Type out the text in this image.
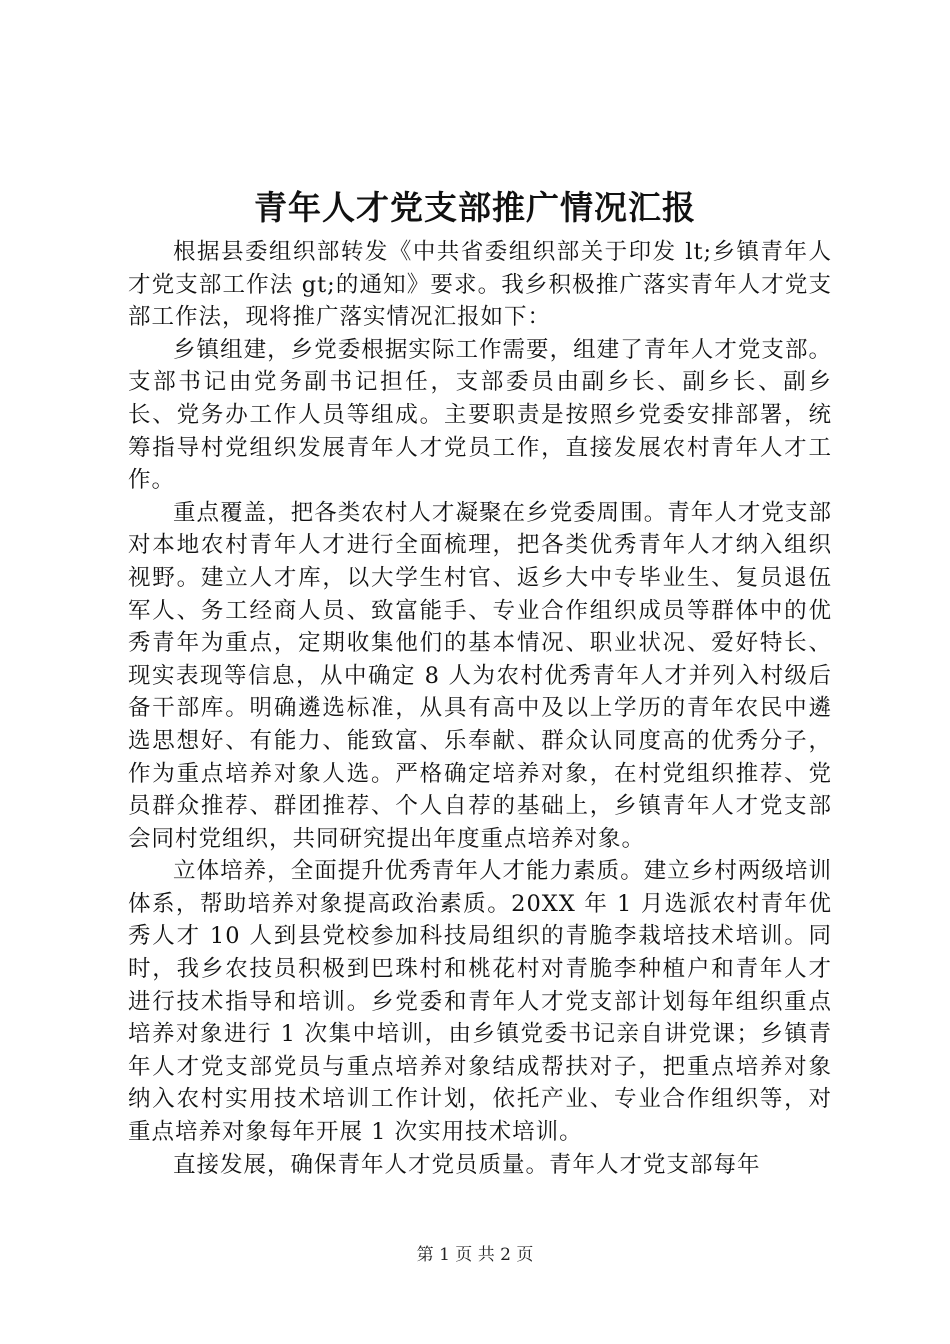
青年人才党支部推广情况汇报

根据县委组织部转发《中共省委组织部关于印发 lt;乡镇青年人才党支部工作法 gt;的通知》要求。我乡积极推广落实青年人才党支部工作法，现将推广落实情况汇报如下：

乡镇组建，乡党委根据实际工作需要，组建了青年人才党支部。支部书记由党务副书记担任，支部委员由副乡长、副乡长、副乡长、党务办工作人员等组成。主要职责是按照乡党委安排部署，统筹指导村党组织发展青年人才党员工作，直接发展农村青年人才工作。

重点覆盖，把各类农村人才凝聚在乡党委周围。青年人才党支部对本地农村青年人才进行全面梳理，把各类优秀青年人才纳入组织视野。建立人才库，以大学生村官、返乡大中专毕业生、复员退伍军人、务工经商人员、致富能手、专业合作组织成员等群体中的优秀青年为重点，定期收集他们的基本情况、职业状况、爱好特长、现实表现等信息，从中确定 8 人为农村优秀青年人才并列入村级后备干部库。明确遴选标准，从具有高中及以上学历的青年农民中遴选思想好、有能力、能致富、乐奉献、群众认同度高的优秀分子，作为重点培养对象人选。严格确定培养对象，在村党组织推荐、党员群众推荐、群团推荐、个人自荐的基础上，乡镇青年人才党支部会同村党组织，共同研究提出年度重点培养对象。

立体培养，全面提升优秀青年人才能力素质。建立乡村两级培训体系，帮助培养对象提高政治素质。20XX 年 1 月选派农村青年优秀人才 10 人到县党校参加科技局组织的青脆李栽培技术培训。同时，我乡农技员积极到巴珠村和桃花村对青脆李种植户和青年人才进行技术指导和培训。乡党委和青年人才党支部计划每年组织重点培养对象进行 1 次集中培训，由乡镇党委书记亲自讲党课；乡镇青年人才党支部党员与重点培养对象结成帮扶对子，把重点培养对象纳入农村实用技术培训工作计划，依托产业、专业合作组织等，对重点培养对象每年开展 1 次实用技术培训。

直接发展，确保青年人才党员质量。青年人才党支部每年

第 1 页 共 2 页
